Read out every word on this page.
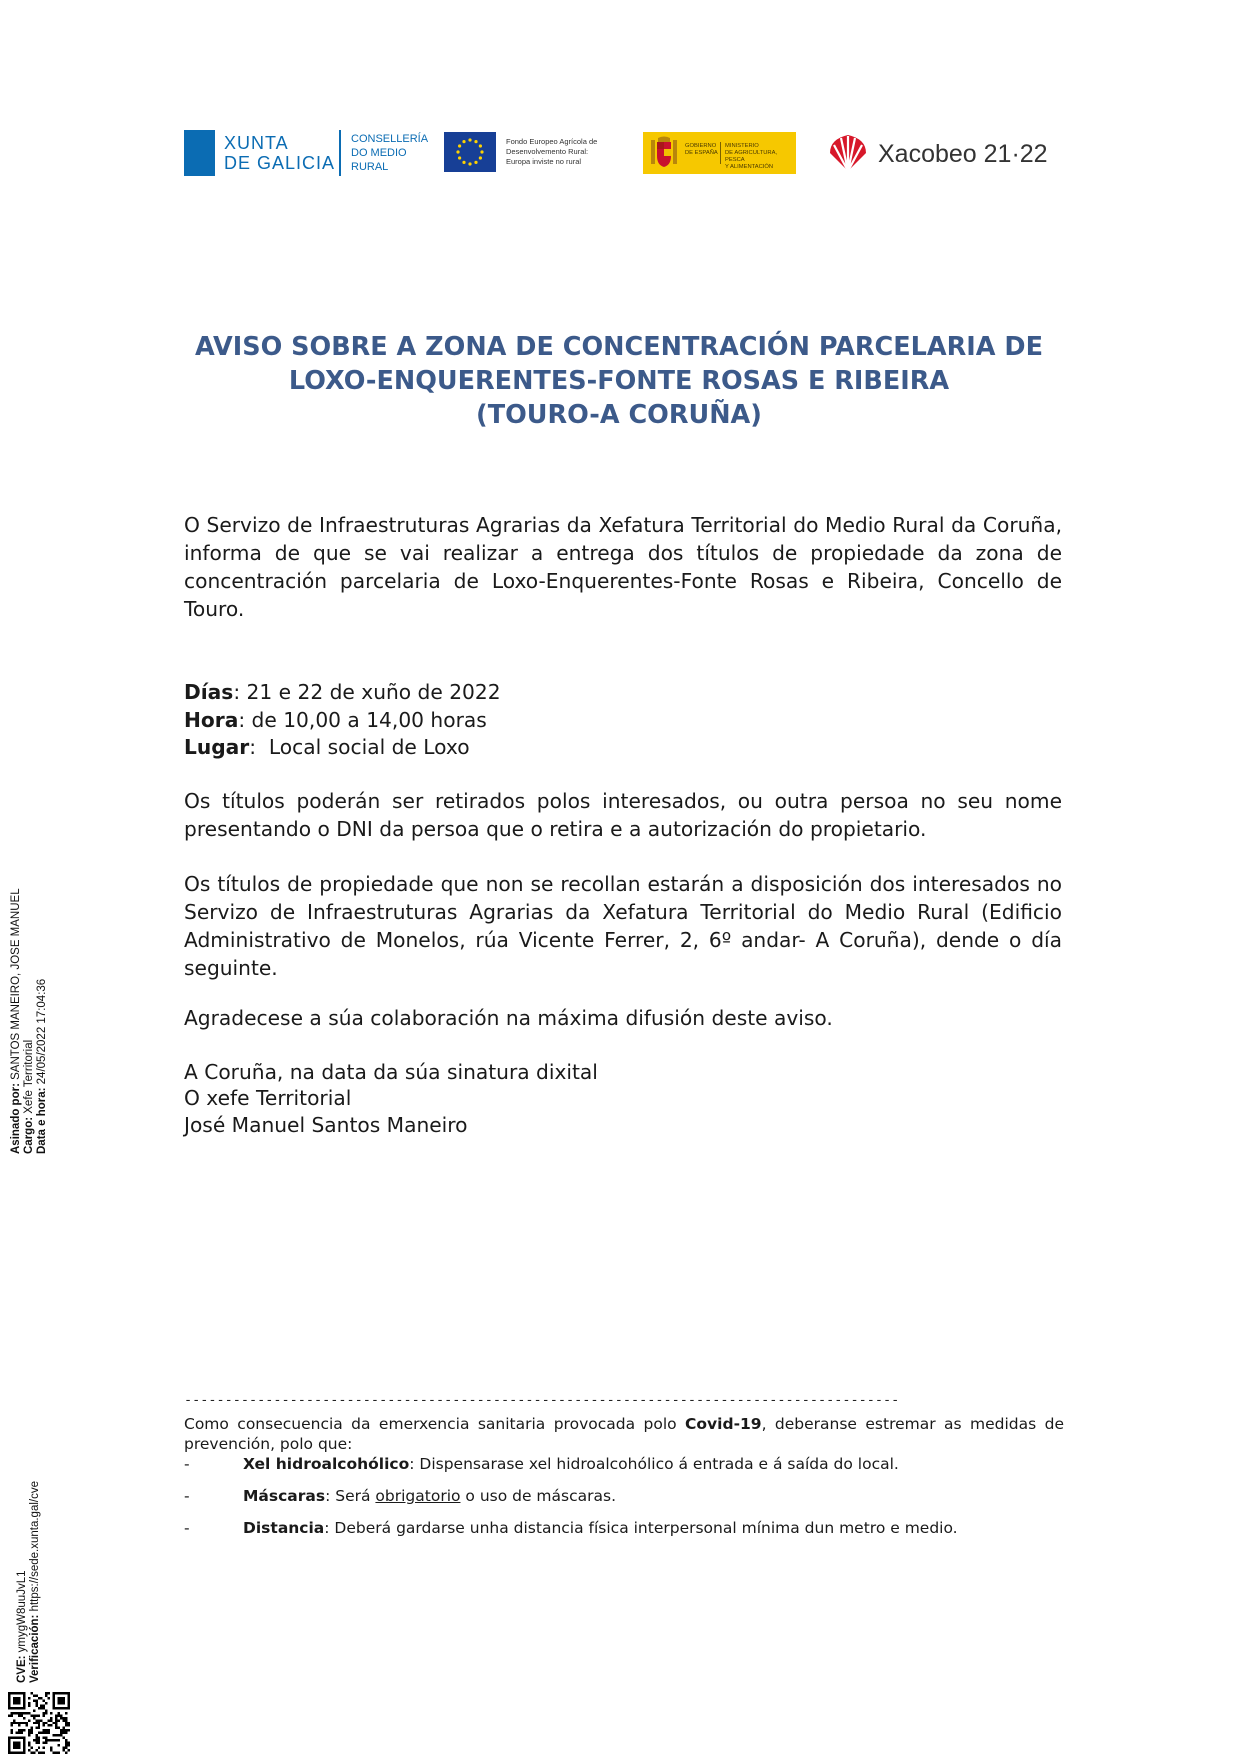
XUNTA
DE GALICIA
CONSELLERÍA
DO MEDIO
RURAL
Fondo Europeo Agrícola de
Desenvolvemento Rural:
Europa inviste no rural
GOBIERNO
DE ESPAÑA
MINISTERIO
DE AGRICULTURA, PESCA
Y ALIMENTACIÓN	Xacobeo 21·22
AVISO SOBRE A ZONA DE CONCENTRACIÓN PARCELARIA DE
LOXO-ENQUERENTES-FONTE ROSAS E RIBEIRA
(TOURO-A CORUÑA)
O Servizo de Infraestruturas Agrarias da Xefatura Territorial do Medio Rural da Coruña, informa de que se vai realizar a entrega dos títulos de propiedade da zona de concentración parcelaria de Loxo-Enquerentes-Fonte Rosas e Ribeira, Concello de Touro.
Días: 21 e 22 de xuño de 2022
Hora: de 10,00 a 14,00 horas
Lugar:  Local social de Loxo
Os títulos poderán ser retirados polos interesados, ou outra persoa no seu nome presentando o DNI da persoa que o retira e a autorización do propietario.
Os títulos de propiedade que non se recollan estarán a disposición dos interesados no Servizo de Infraestruturas Agrarias da Xefatura Territorial do Medio Rural (Edificio Administrativo de Monelos, rúa Vicente Ferrer, 2, 6º andar- A Coruña), dende o día seguinte.
Agradecese a súa colaboración na máxima difusión deste aviso.
A Coruña, na data da súa sinatura dixital
O xefe Territorial
José Manuel Santos Maneiro
----------------------------------------------------------------------------------------
Como consecuencia da emerxencia sanitaria provocada polo Covid-19, deberanse estremar as medidas de prevención, polo que:
-	Xel hidroalcohólico: Dispensarase xel hidroalcohólico á entrada e á saída do local.
-	Máscaras: Será obrigatorio o uso de máscaras.
-	Distancia: Deberá gardarse unha distancia física interpersonal mínima dun metro e medio.
Asinado por: SANTOS MANEIRO, JOSE MANUEL
Cargo: Xefe Territorial
Data e hora: 24/05/2022 17:04:36
CVE: ymygW8uuJvL1 Verificación: https://sede.xunta.gal/cve
